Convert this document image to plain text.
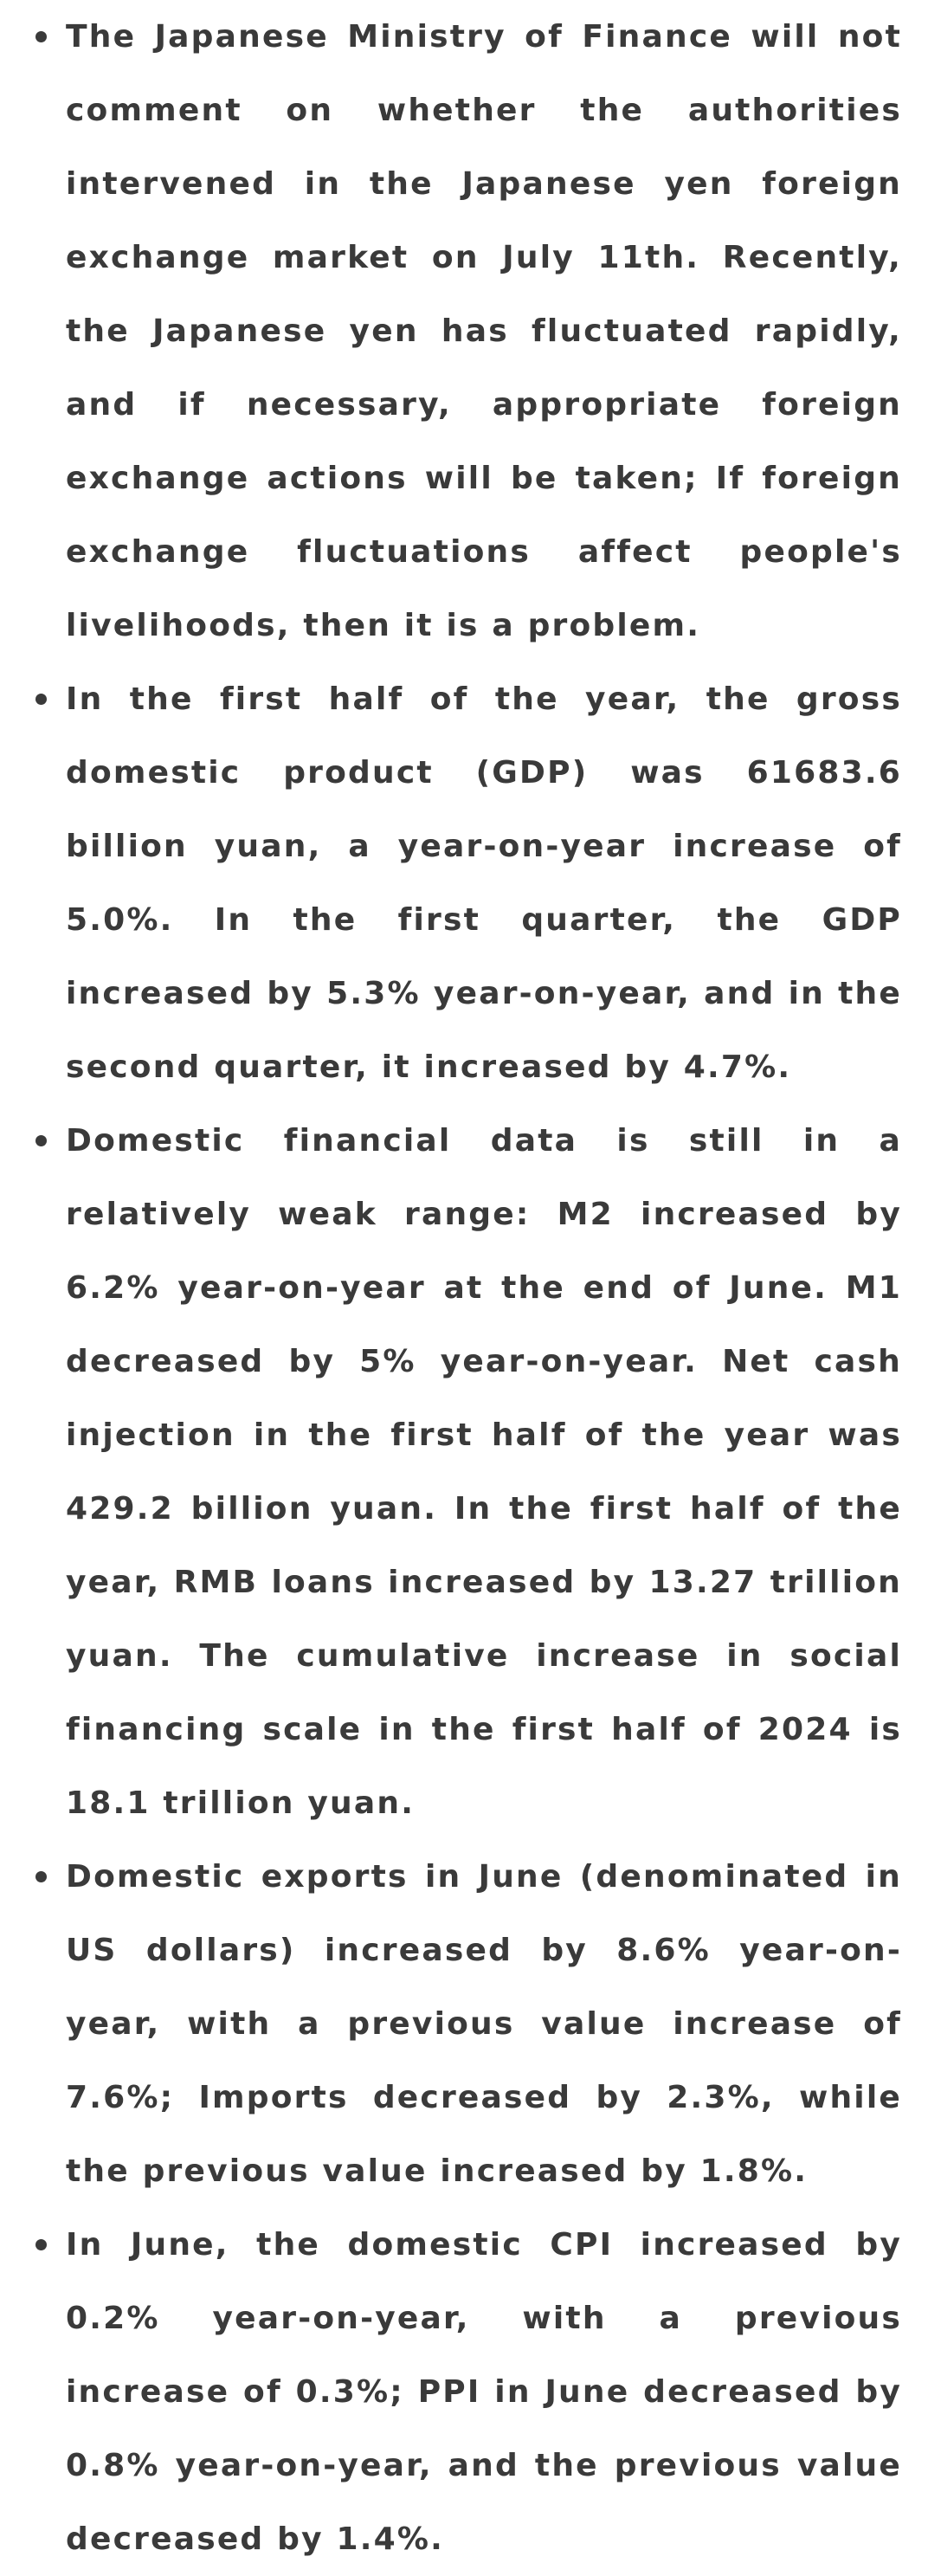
The Japanese Ministry of Finance will not comment on whether the authorities intervened in the Japanese yen foreign exchange market on July 11th. Recently, the Japanese yen has fluctuated rapidly, and if necessary, appropriate foreign exchange actions will be taken; If foreign exchange fluctuations affect people's livelihoods, then it is a problem.
In the first half of the year, the gross domestic product (GDP) was 61683.6 billion yuan, a year-on-year increase of 5.0%. In the first quarter, the GDP increased by 5.3% year-on-year, and in the second quarter, it increased by 4.7%.
Domestic financial data is still in a relatively weak range: M2 increased by 6.2% year-on-year at the end of June. M1 decreased by 5% year-on-year. Net cash injection in the first half of the year was 429.2 billion yuan. In the first half of the year, RMB loans increased by 13.27 trillion yuan. The cumulative increase in social financing scale in the first half of 2024 is 18.1 trillion yuan.
Domestic exports in June (denominated in US dollars) increased by 8.6% year-on-year, with a previous value increase of 7.6%; Imports decreased by 2.3%, while the previous value increased by 1.8%.
In June, the domestic CPI increased by 0.2% year-on-year, with a previous increase of 0.3%; PPI in June decreased by 0.8% year-on-year, and the previous value decreased by 1.4%.
